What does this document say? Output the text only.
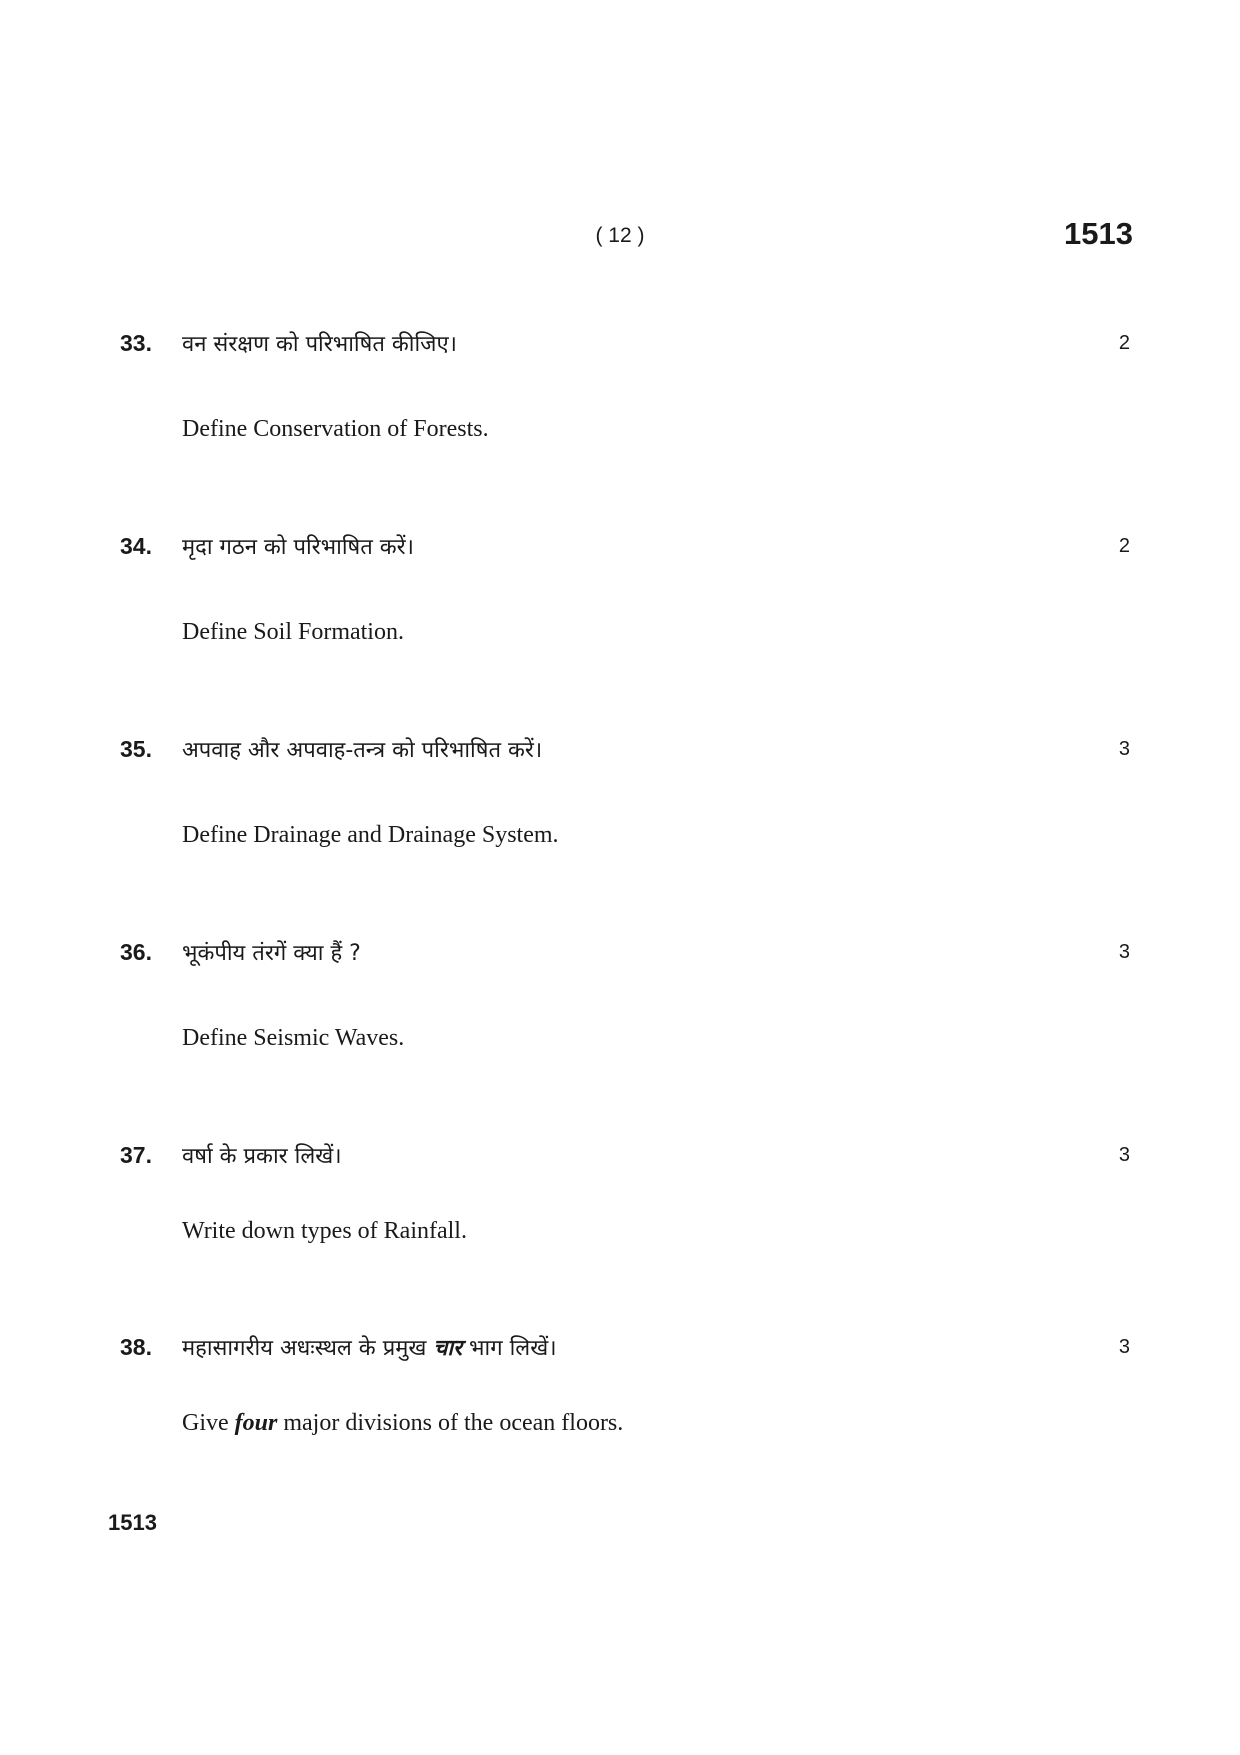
( 12 )	1513
33. वन संरक्षण को परिभाषित कीजिए।	2
Define Conservation of Forests.
34. मृदा गठन को परिभाषित करें।	2
Define Soil Formation.
35. अपवाह और अपवाह-तन्त्र को परिभाषित करें।	3
Define Drainage and Drainage System.
36. भूकंपीय तंरगें क्या हैं ?	3
Define Seismic Waves.
37. वर्षा के प्रकार लिखें।	3
Write down types of Rainfall.
38. महासागरीय अधःस्थल के प्रमुख चार भाग लिखें।	3
Give four major divisions of the ocean floors.
1513
